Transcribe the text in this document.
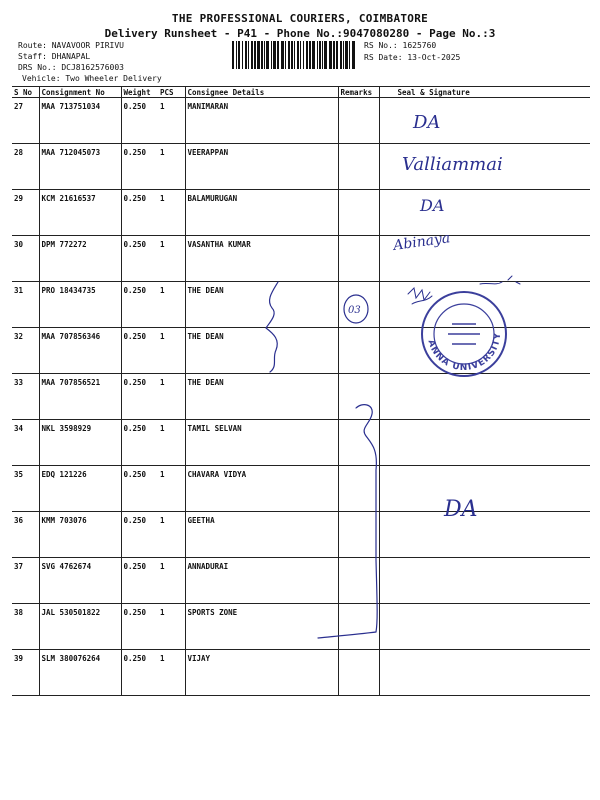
THE PROFESSIONAL COURIERS, COIMBATORE
Delivery Runsheet - P41 - Phone No.:9047080280 - Page No.:3
Route: NAVAVOOR PIRIVU
Staff: DHANAPAL
DRS No.: DCJ8162576003
Vehicle: Two Wheeler Delivery
RS No.: 1625760
RS Date: 13-Oct-2025
S No	Consignment No	Weight	PCS	Consignee Details	Remarks	Seal & Signature
27	MAA 713751034	0.250	1	MANIMARAN		
28	MAA 712045073	0.250	1	VEERAPPAN		
29	KCM 21616537	0.250	1	BALAMURUGAN		
30	DPM 772272	0.250	1	VASANTHA KUMAR		
31	PRO 18434735	0.250	1	THE DEAN		
32	MAA 707856346	0.250	1	THE DEAN		
33	MAA 707856521	0.250	1	THE DEAN		
34	NKL 3598929	0.250	1	TAMIL SELVAN		
35	EDQ 121226	0.250	1	CHAVARA VIDYA		
36	KMM 703076	0.250	1	GEETHA		
37	SVG 4762674	0.250	1	ANNADURAI		
38	JAL 530501822	0.250	1	SPORTS ZONE		
39	SLM 380076264	0.250	1	VIJAY		
DA
Valliammai
DA
Abinaya
03
DA
ANNA UNIVERSITY
